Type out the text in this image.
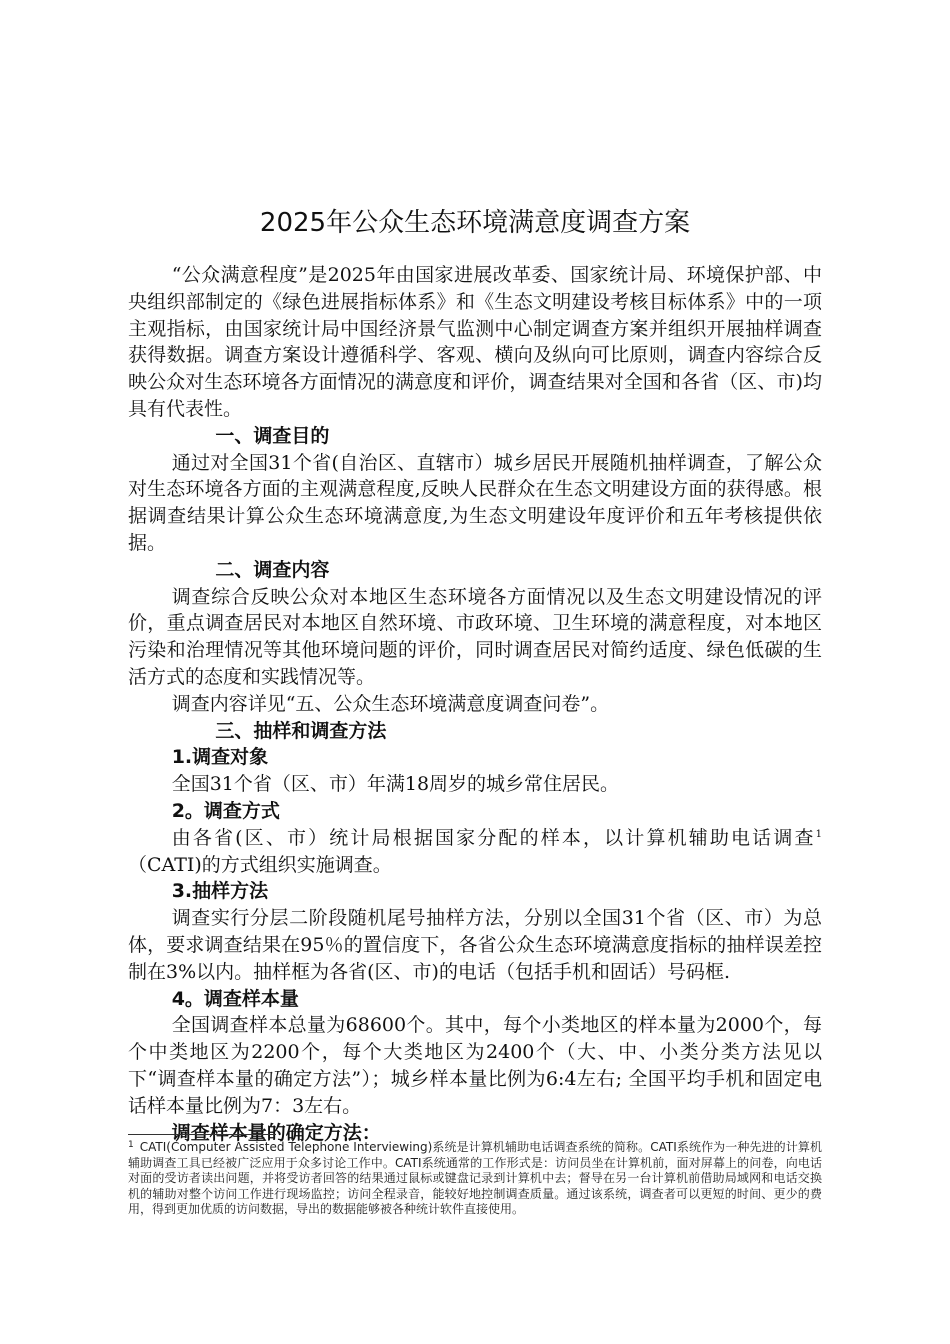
2025年公众生态环境满意度调查方案

“公众满意程度”是2025年由国家进展改革委、国家统计局、环境保护部、中央组织部制定的《绿色进展指标体系》和《生态文明建设考核目标体系》中的一项主观指标，由国家统计局中国经济景气监测中心制定调查方案并组织开展抽样调查获得数据。调查方案设计遵循科学、客观、横向及纵向可比原则，调查内容综合反映公众对生态环境各方面情况的满意度和评价，调查结果对全国和各省（区、市)均具有代表性。

一、调查目的

通过对全国31个省(自治区、直辖市）城乡居民开展随机抽样调查，了解公众对生态环境各方面的主观满意程度,反映人民群众在生态文明建设方面的获得感。根据调查结果计算公众生态环境满意度,为生态文明建设年度评价和五年考核提供依据。

二、调查内容

调查综合反映公众对本地区生态环境各方面情况以及生态文明建设情况的评价，重点调查居民对本地区自然环境、市政环境、卫生环境的满意程度，对本地区污染和治理情况等其他环境问题的评价，同时调查居民对简约适度、绿色低碳的生活方式的态度和实践情况等。

调查内容详见“五、公众生态环境满意度调查问卷”。

三、抽样和调查方法
1.调查对象

全国31个省（区、市）年满18周岁的城乡常住居民。

2。调查方式

由各省(区、市）统计局根据国家分配的样本，以计算机辅助电话调查$^1$（CATI)的方式组织实施调查。

3.抽样方法

调查实行分层二阶段随机尾号抽样方法，分别以全国31个省（区、市）为总体，要求调查结果在95％的置信度下，各省公众生态环境满意度指标的抽样误差控制在3%以内。抽样框为各省(区、市)的电话（包括手机和固话）号码框.

4。调查样本量

全国调查样本总量为68600个。其中，每个小类地区的样本量为2000个，每个中类地区为2200个，每个大类地区为2400个（大、中、小类分类方法见以下“调查样本量的确定方法”）；城乡样本量比例为6:4左右; 全国平均手机和固定电话样本量比例为7：3左右。

调查样本量的确定方法：
$^1$ CATI(Computer Assisted Telephone Interviewing)系统是计算机辅助电话调查系统的简称。CATI系统作为一种先进的计算机辅助调查工具已经被广泛应用于众多讨论工作中。CATI系统通常的工作形式是：访问员坐在计算机前，面对屏幕上的问卷，向电话对面的受访者读出问题，并将受访者回答的结果通过鼠标或键盘记录到计算机中去；督导在另一台计算机前借助局域网和电话交换机的辅助对整个访问工作进行现场监控；访问全程录音，能较好地控制调查质量。通过该系统，调查者可以更短的时间、更少的费用，得到更加优质的访问数据，导出的数据能够被各种统计软件直接使用。
